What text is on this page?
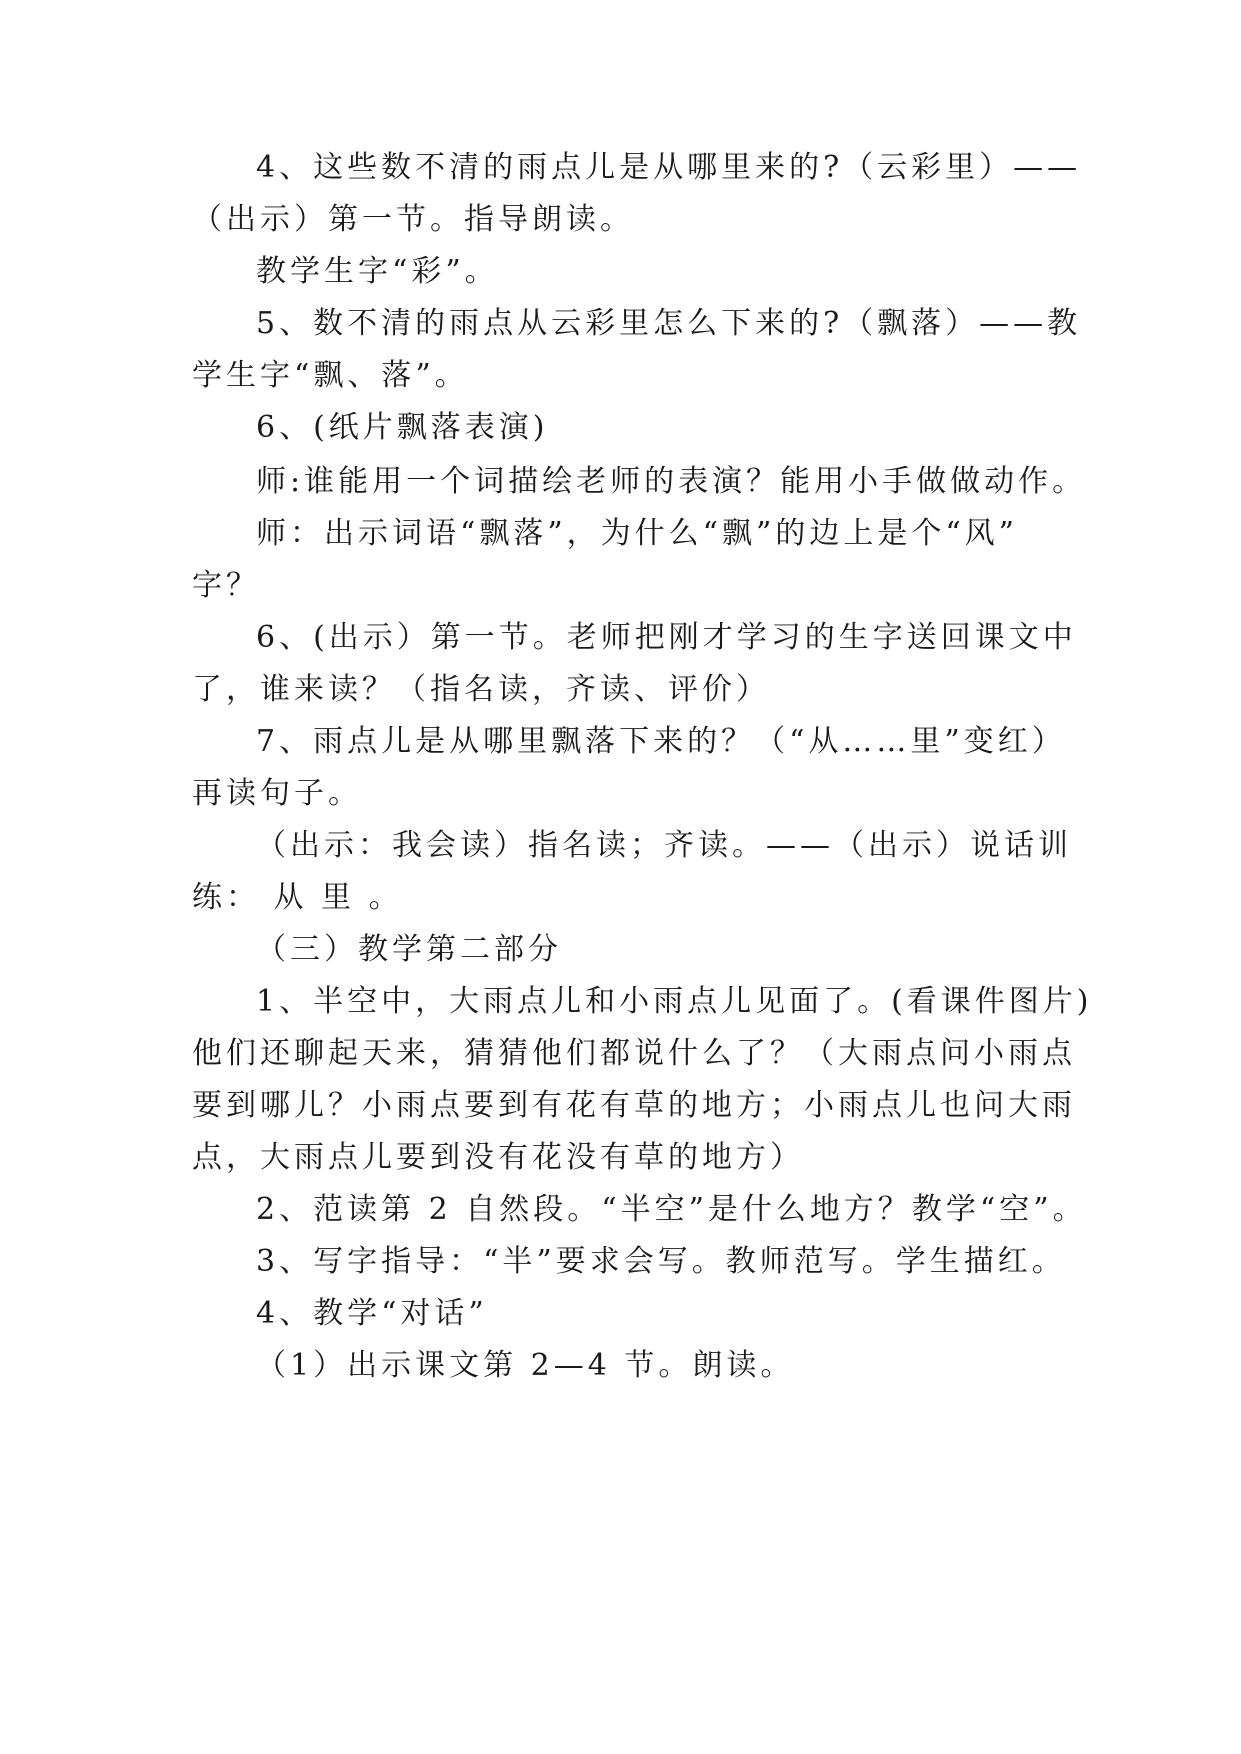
4、这些数不清的雨点儿是从哪里来的?（云彩里）——
（出示）第一节。指导朗读。
教学生字“彩”。
5、数不清的雨点从云彩里怎么下来的?（飘落）——教
学生字“飘、落”。
6、(纸片飘落表演)
师:谁能用一个词描绘老师的表演？能用小手做做动作。
师：出示词语“飘落”，为什么“飘”的边上是个“风”
字？
6、(出示）第一节。老师把刚才学习的生字送回课文中
了，谁来读？（指名读，齐读、评价）
7、雨点儿是从哪里飘落下来的？（“从……里”变红）
再读句子。
（出示：我会读）指名读；齐读。——（出示）说话训
练： 从 里 。
（三）教学第二部分
1、半空中，大雨点儿和小雨点儿见面了。(看课件图片)
他们还聊起天来，猜猜他们都说什么了？（大雨点问小雨点
要到哪儿？小雨点要到有花有草的地方；小雨点儿也问大雨
点，大雨点儿要到没有花没有草的地方）
2、范读第 2 自然段。“半空”是什么地方？教学“空”。
3、写字指导：“半”要求会写。教师范写。学生描红。
4、教学“对话”
（1）出示课文第 2—4 节。朗读。
